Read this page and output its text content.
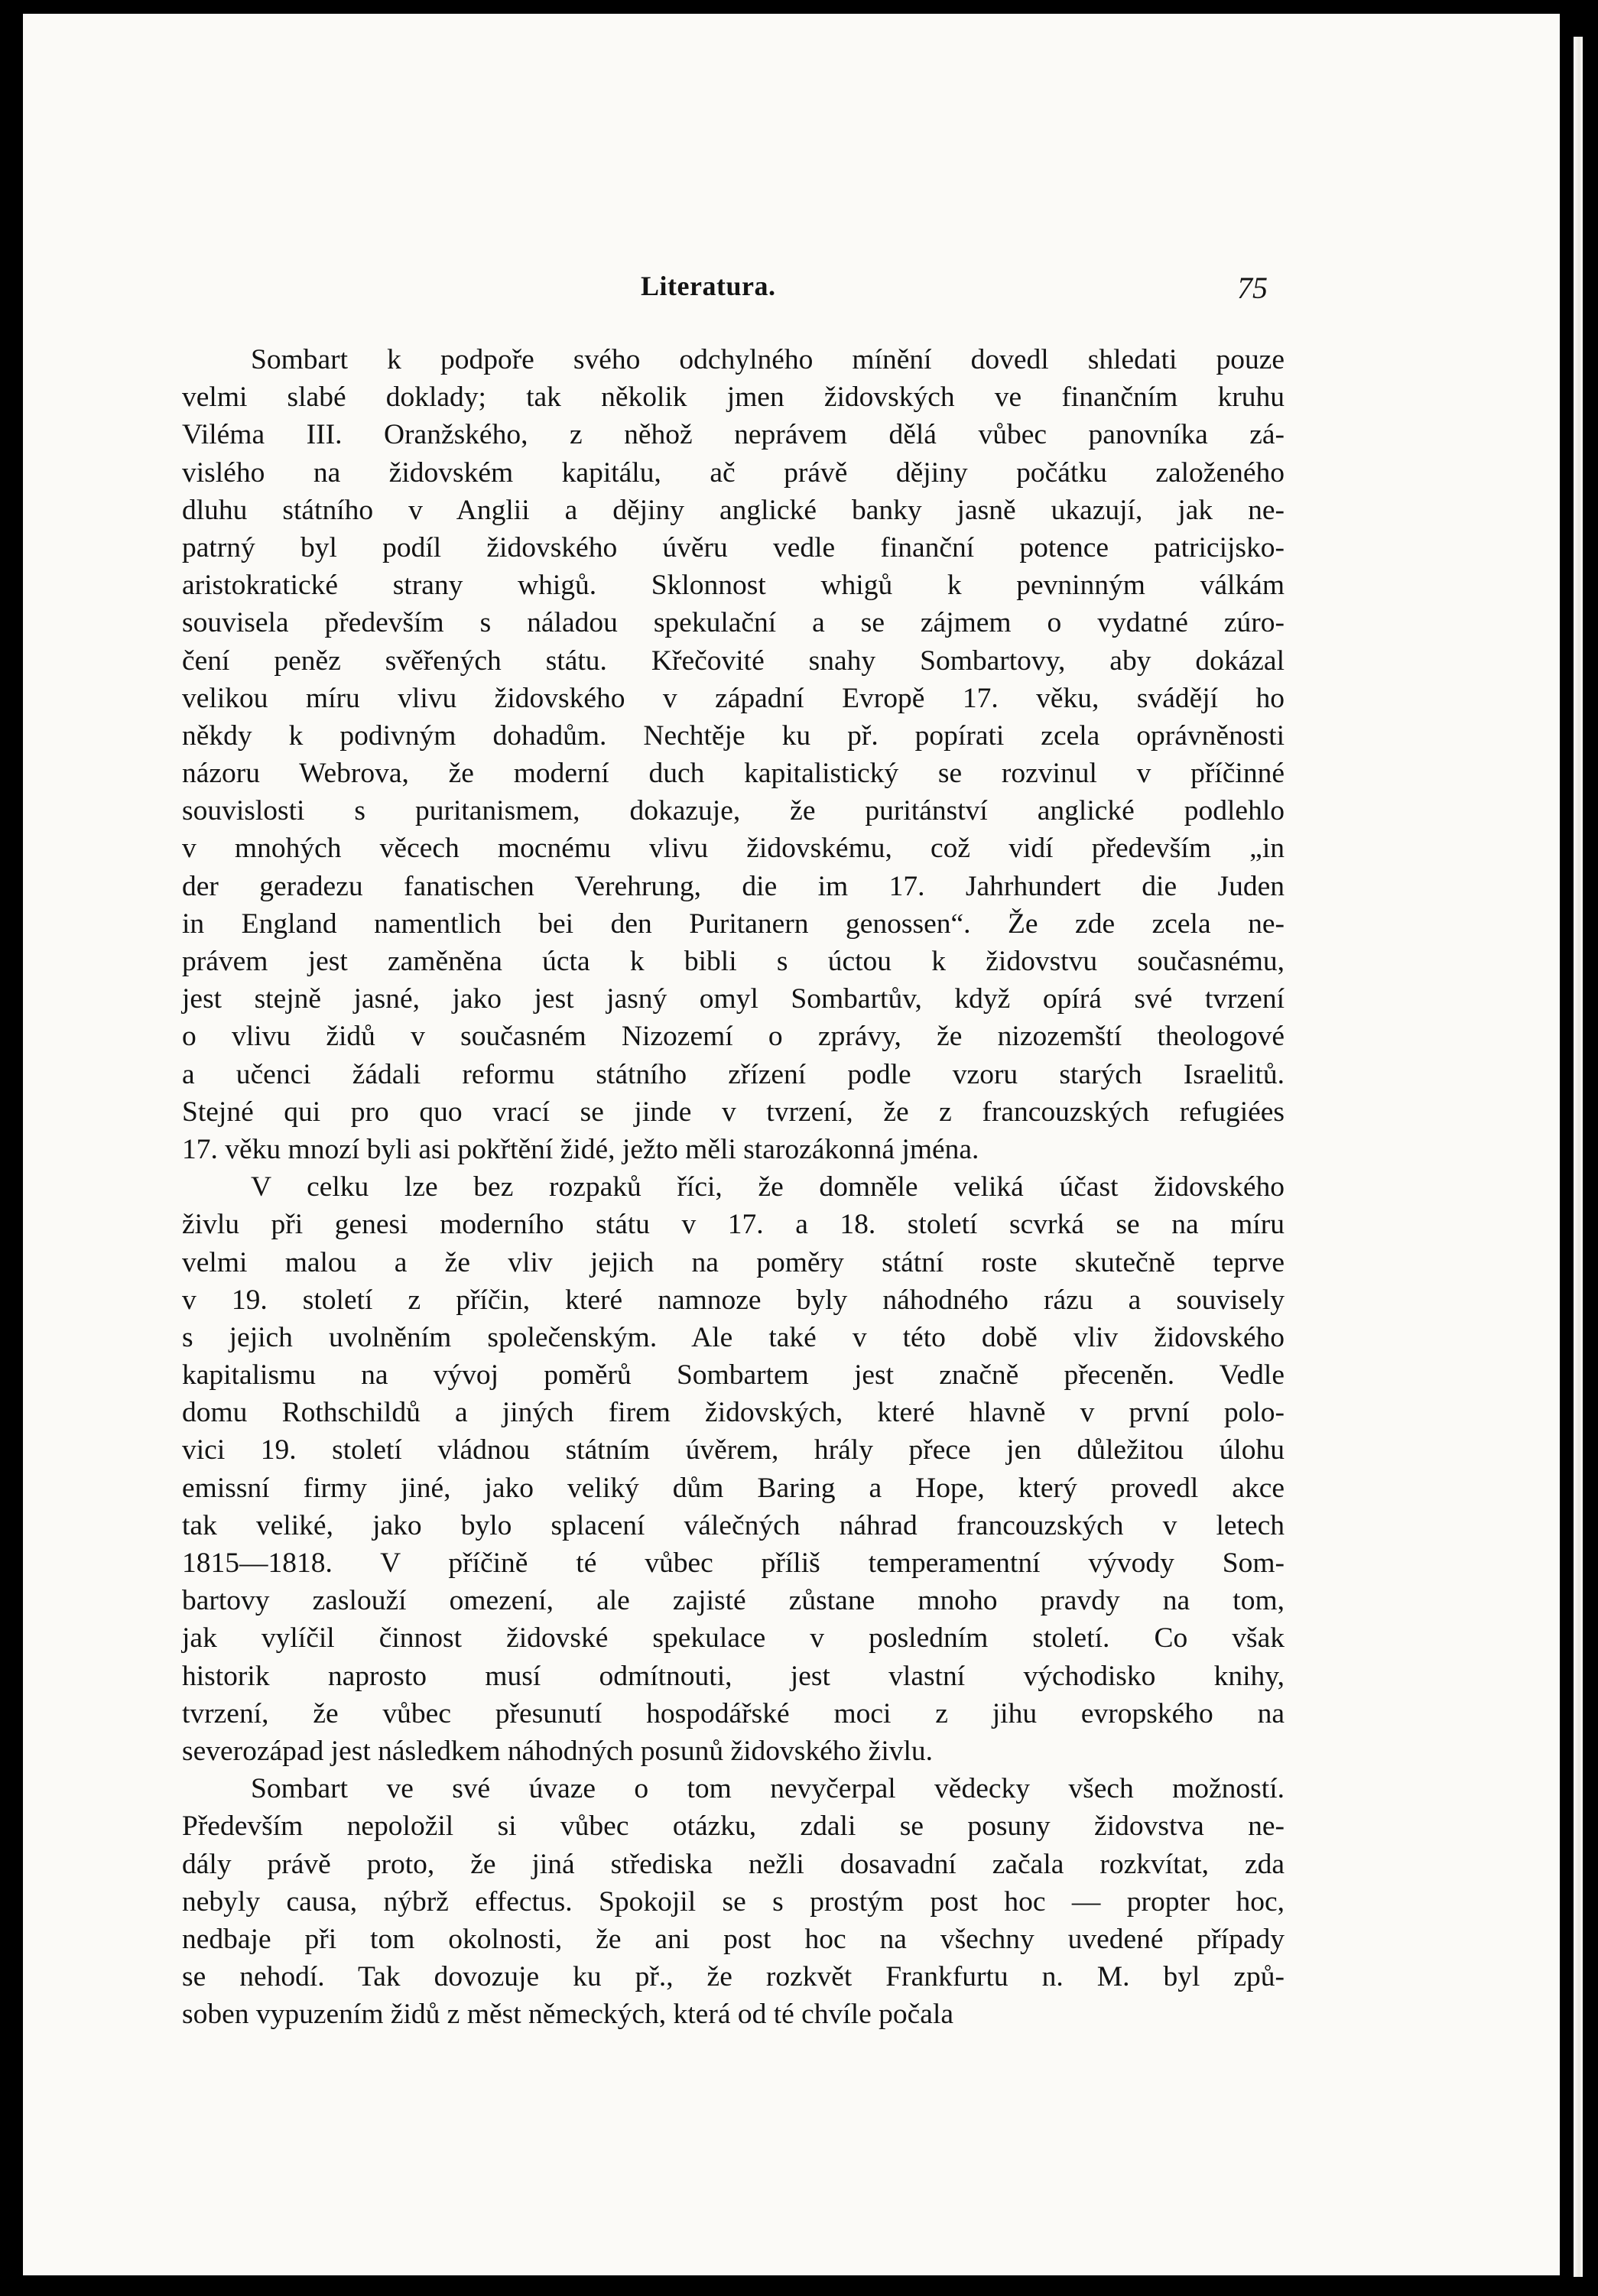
Literatura.	75
Sombart k podpoře svého odchylného mínění dovedl shledati pouze
velmi slabé doklady; tak několik jmen židovských ve finančním kruhu
Viléma III. Oranžského, z něhož neprávem dělá vůbec panovníka zá-
vislého na židovském kapitálu, ač právě dějiny počátku založeného
dluhu státního v Anglii a dějiny anglické banky jasně ukazují, jak ne-
patrný byl podíl židovského úvěru vedle finanční potence patricijsko-
aristokratické strany whigů. Sklonnost whigů k pevninným válkám
souvisela především s náladou spekulační a se zájmem o vydatné zúro-
čení peněz svěřených státu. Křečovité snahy Sombartovy, aby dokázal
velikou míru vlivu židovského v západní Evropě 17. věku, svádějí ho
někdy k podivným dohadům. Nechtěje ku př. popírati zcela oprávněnosti
názoru Webrova, že moderní duch kapitalistický se rozvinul v příčinné
souvislosti s puritanismem, dokazuje, že puritánství anglické podlehlo
v mnohých věcech mocnému vlivu židovskému, což vidí především „in
der geradezu fanatischen Verehrung, die im 17. Jahrhundert die Juden
in England namentlich bei den Puritanern genossen“. Že zde zcela ne-
právem jest zaměněna úcta k bibli s úctou k židovstvu současnému,
jest stejně jasné, jako jest jasný omyl Sombartův, když opírá své tvrzení
o vlivu židů v současném Nizozemí o zprávy, že nizozemští theologové
a učenci žádali reformu státního zřízení podle vzoru starých Israelitů.
Stejné qui pro quo vrací se jinde v tvrzení, že z francouzských refugiées
17. věku mnozí byli asi pokřtění židé, ježto měli starozákonná jména.
V celku lze bez rozpaků říci, že domněle veliká účast židovského
živlu při genesi moderního státu v 17. a 18. století scvrká se na míru
velmi malou a že vliv jejich na poměry státní roste skutečně teprve
v 19. století z příčin, které namnoze byly náhodného rázu a souvisely
s jejich uvolněním společenským. Ale také v této době vliv židovského
kapitalismu na vývoj poměrů Sombartem jest značně přeceněn. Vedle
domu Rothschildů a jiných firem židovských, které hlavně v první polo-
vici 19. století vládnou státním úvěrem, hrály přece jen důležitou úlohu
emissní firmy jiné, jako veliký dům Baring a Hope, který provedl akce
tak veliké, jako bylo splacení válečných náhrad francouzských v letech
1815—1818. V příčině té vůbec příliš temperamentní vývody Som-
bartovy zaslouží omezení, ale zajisté zůstane mnoho pravdy na tom,
jak vylíčil činnost židovské spekulace v posledním století. Co však
historik naprosto musí odmítnouti, jest vlastní východisko knihy,
tvrzení, že vůbec přesunutí hospodářské moci z jihu evropského na
severozápad jest následkem náhodných posunů židovského živlu.
Sombart ve své úvaze o tom nevyčerpal vědecky všech možností.
Především nepoložil si vůbec otázku, zdali se posuny židovstva ne-
dály právě proto, že jiná střediska nežli dosavadní začala rozkvítat, zda
nebyly causa, nýbrž effectus. Spokojil se s prostým post hoc — propter hoc,
nedbaje při tom okolnosti, že ani post hoc na všechny uvedené případy
se nehodí. Tak dovozuje ku př., že rozkvět Frankfurtu n. M. byl způ-
soben vypuzením židů z měst německých, která od té chvíle počala
